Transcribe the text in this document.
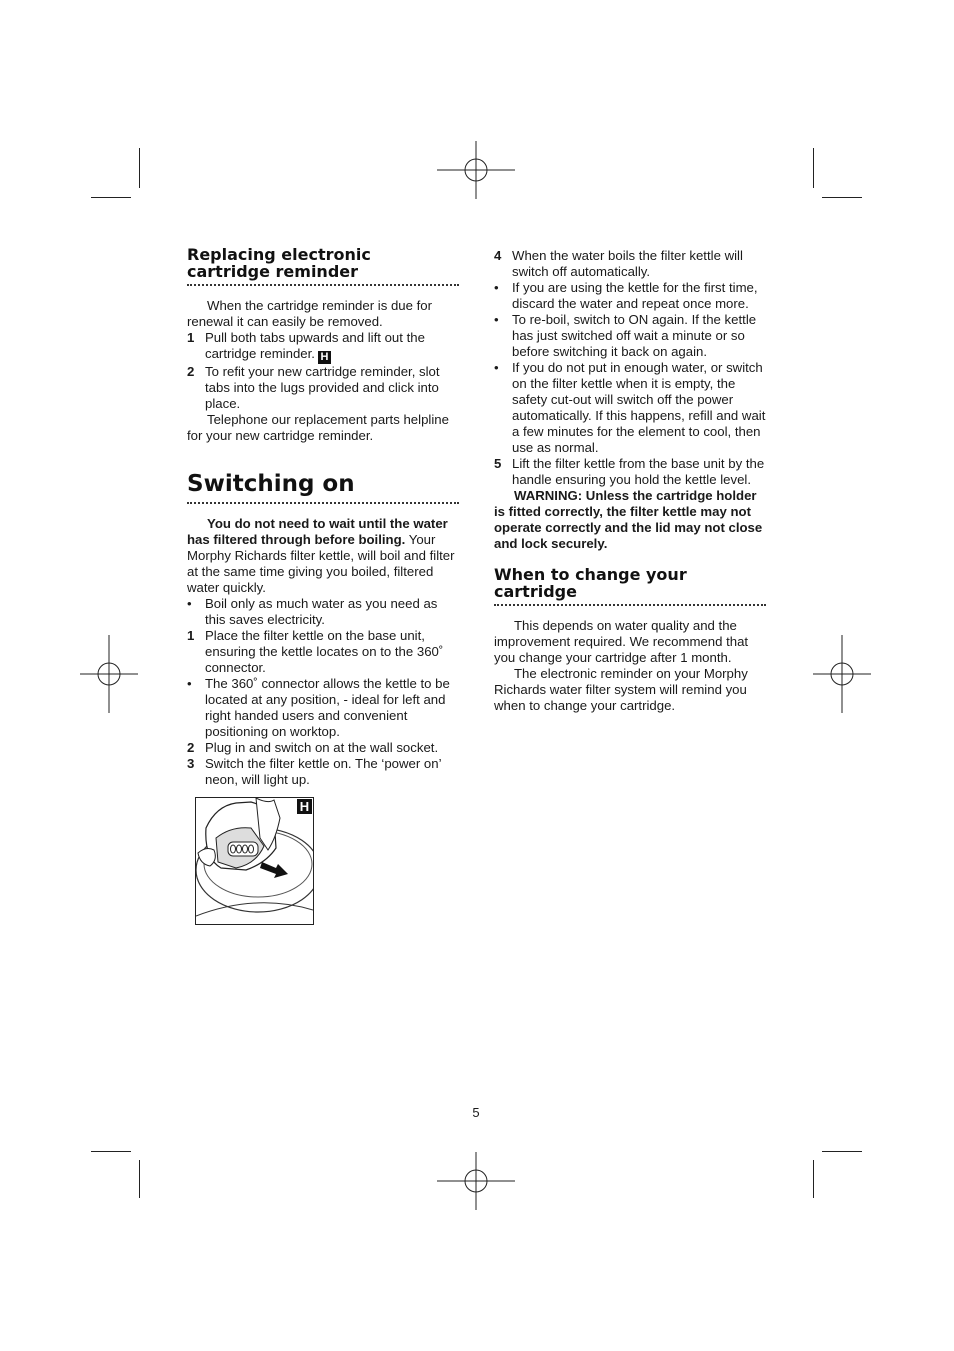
Replacing electronic cartridge reminder

When the cartridge reminder is due for renewal it can easily be removed.

1 Pull both tabs upwards and lift out the cartridge reminder. H
2 To refit your new cartridge reminder, slot tabs into the lugs provided and click into place.

Telephone our replacement parts helpline for your new cartridge reminder.

Switching on

You do not need to wait until the water has filtered through before boiling. Your Morphy Richards filter kettle, will boil and filter at the same time giving you boiled, filtered water quickly.

•	Boil only as much water as you need as this saves electricity.
1 Place the filter kettle on the base unit, ensuring the kettle locates on to the 360˚ connector.
•	The 360˚ connector allows the kettle to be located at any position, - ideal for left and right handed users and convenient positioning on worktop.
2 Plug in and switch on at the wall socket.
3 Switch the filter kettle on. The ‘power on’ neon, will light up.
H
4 When the water boils the filter kettle will switch off automatically.
•	If you are using the kettle for the first time, discard the water and repeat once more.
•	To re-boil, switch to ON again. If the kettle has just switched off wait a minute or so before switching it back on again.
•	If you do not put in enough water, or switch on the filter kettle when it is empty, the safety cut-out will switch off the power automatically. If this happens, refill and wait a few minutes for the element to cool, then use as normal.
5 Lift the filter kettle from the base unit by the handle ensuring you hold the kettle level.

WARNING: Unless the cartridge holder is fitted correctly, the filter kettle may not operate correctly and the lid may not close and lock securely.

When to change your cartridge

This depends on water quality and the improvement required. We recommend that you change your cartridge after 1 month.

The electronic reminder on your Morphy Richards water filter system will remind you when to change your cartridge.

5
